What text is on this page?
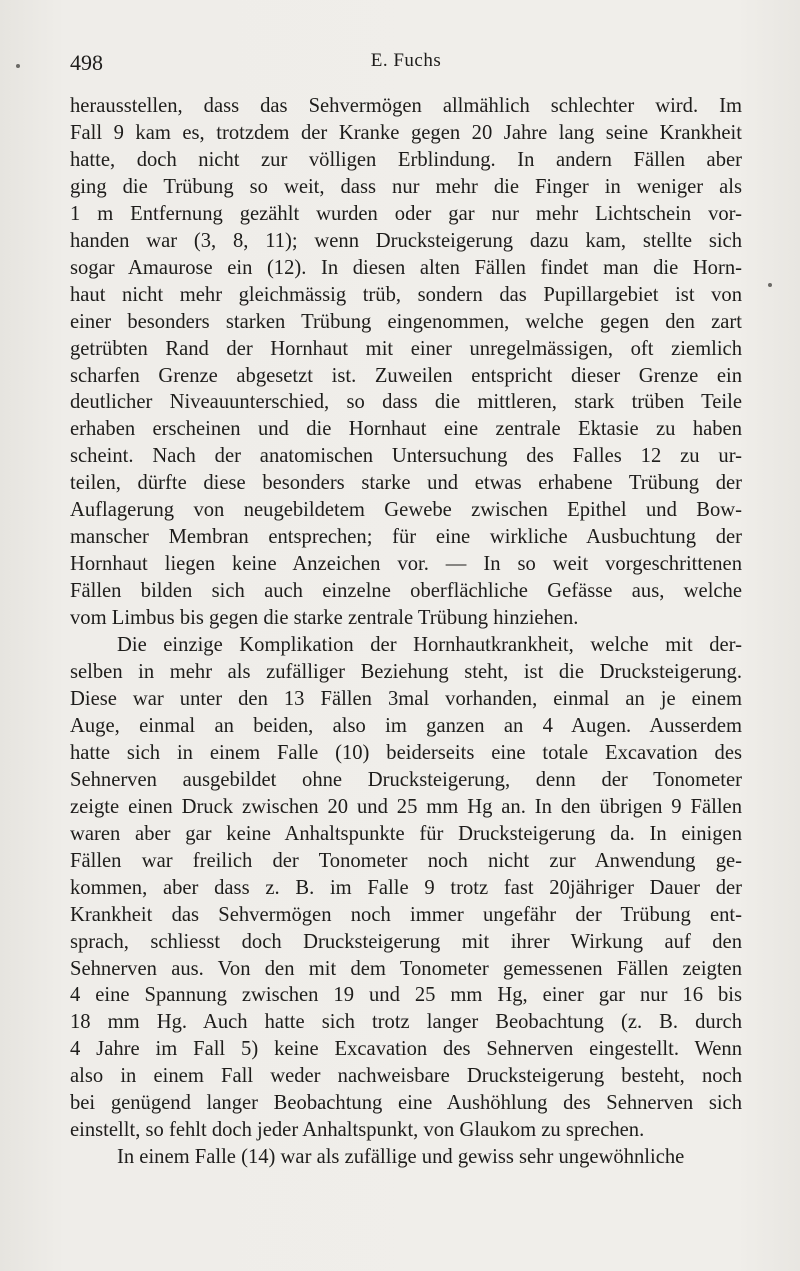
498	E. Fuchs

herausstellen, dass das Sehvermögen allmählich schlechter wird. Im
Fall 9 kam es, trotzdem der Kranke gegen 20 Jahre lang seine Krankheit
hatte, doch nicht zur völligen Erblindung. In andern Fällen aber
ging die Trübung so weit, dass nur mehr die Finger in weniger als
1 m Entfernung gezählt wurden oder gar nur mehr Lichtschein vor-
handen war (3, 8, 11); wenn Drucksteigerung dazu kam, stellte sich
sogar Amaurose ein (12). In diesen alten Fällen findet man die Horn-
haut nicht mehr gleichmässig trüb, sondern das Pupillargebiet ist von
einer besonders starken Trübung eingenommen, welche gegen den zart
getrübten Rand der Hornhaut mit einer unregelmässigen, oft ziemlich
scharfen Grenze abgesetzt ist. Zuweilen entspricht dieser Grenze ein
deutlicher Niveauunterschied, so dass die mittleren, stark trüben Teile
erhaben erscheinen und die Hornhaut eine zentrale Ektasie zu haben
scheint. Nach der anatomischen Untersuchung des Falles 12 zu ur-
teilen, dürfte diese besonders starke und etwas erhabene Trübung der
Auflagerung von neugebildetem Gewebe zwischen Epithel und Bow-
manscher Membran entsprechen; für eine wirkliche Ausbuchtung der
Hornhaut liegen keine Anzeichen vor. — In so weit vorgeschrittenen
Fällen bilden sich auch einzelne oberflächliche Gefässe aus, welche
vom Limbus bis gegen die starke zentrale Trübung hinziehen.

Die einzige Komplikation der Hornhautkrankheit, welche mit der-
selben in mehr als zufälliger Beziehung steht, ist die Drucksteigerung.
Diese war unter den 13 Fällen 3mal vorhanden, einmal an je einem
Auge, einmal an beiden, also im ganzen an 4 Augen. Ausserdem
hatte sich in einem Falle (10) beiderseits eine totale Excavation des
Sehnerven ausgebildet ohne Drucksteigerung, denn der Tonometer
zeigte einen Druck zwischen 20 und 25 mm Hg an. In den übrigen 9 Fällen
waren aber gar keine Anhaltspunkte für Drucksteigerung da. In einigen
Fällen war freilich der Tonometer noch nicht zur Anwendung ge-
kommen, aber dass z. B. im Falle 9 trotz fast 20jähriger Dauer der
Krankheit das Sehvermögen noch immer ungefähr der Trübung ent-
sprach, schliesst doch Drucksteigerung mit ihrer Wirkung auf den
Sehnerven aus. Von den mit dem Tonometer gemessenen Fällen zeigten
4 eine Spannung zwischen 19 und 25 mm Hg, einer gar nur 16 bis
18 mm Hg. Auch hatte sich trotz langer Beobachtung (z. B. durch
4 Jahre im Fall 5) keine Excavation des Sehnerven eingestellt. Wenn
also in einem Fall weder nachweisbare Drucksteigerung besteht, noch
bei genügend langer Beobachtung eine Aushöhlung des Sehnerven sich
einstellt, so fehlt doch jeder Anhaltspunkt, von Glaukom zu sprechen.

In einem Falle (14) war als zufällige und gewiss sehr ungewöhnliche
